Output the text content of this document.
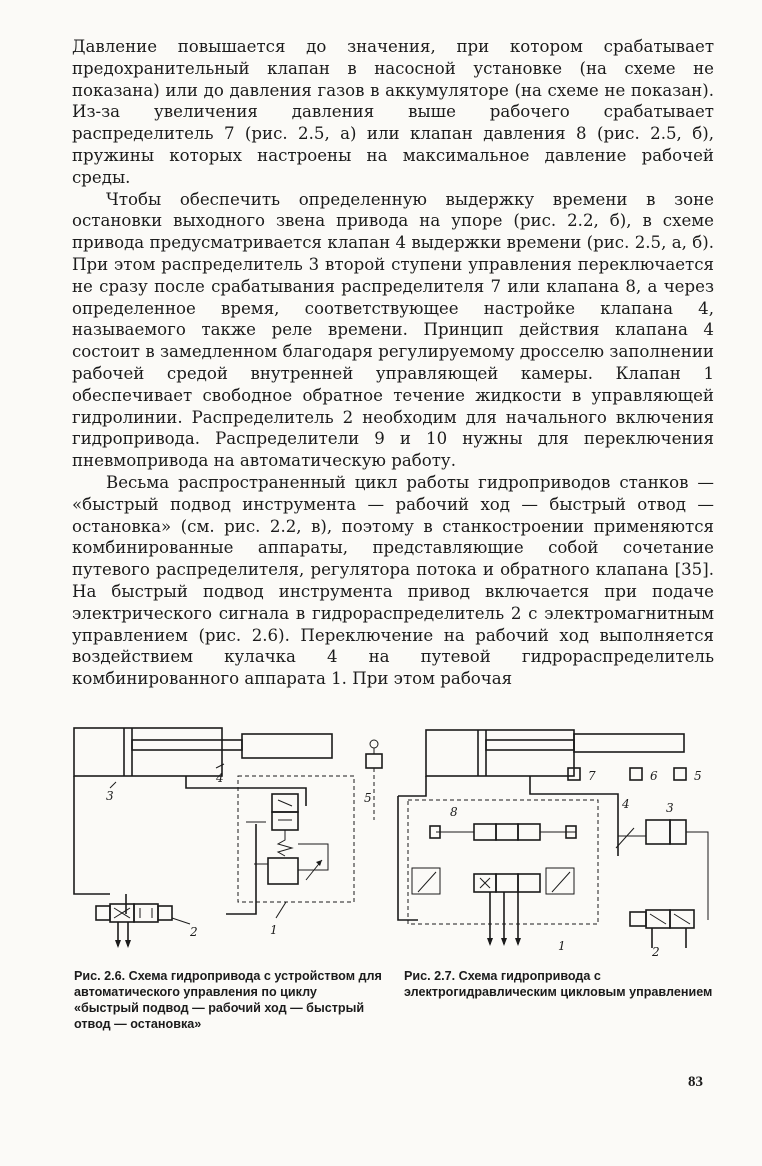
Давление повышается до значения, при котором срабатывает предохранительный клапан в насосной установке (на схеме не показана) или до давления газов в аккумуляторе (на схеме не показан). Из-за увеличения давления выше рабочего срабатывает распределитель 7 (рис. 2.5, а) или клапан давления 8 (рис. 2.5, б), пружины которых настроены на максимальное давление рабочей среды.

Чтобы обеспечить определенную выдержку времени в зоне остановки выходного звена привода на упоре (рис. 2.2, б), в схеме привода предусматривается клапан 4 выдержки времени (рис. 2.5, а, б). При этом распределитель 3 второй ступени управления переключается не сразу после срабатывания распределителя 7 или клапана 8, а через определенное время, соответствующее настройке клапана 4, называемого также реле времени. Принцип действия клапана 4 состоит в замедленном благодаря регулируемому дросселю заполнении рабочей средой внутренней управляющей камеры. Клапан 1 обеспечивает свободное обратное течение жидкости в управляющей гидролинии. Распределитель 2 необходим для начального включения гидропривода. Распределители 9 и 10 нужны для переключения пневмопривода на автоматическую работу.

Весьма распространенный цикл работы гидроприводов станков — «быстрый подвод инструмента — рабочий ход — быстрый отвод — остановка» (см. рис. 2.2, в), поэтому в станкостроении применяются комбинированные аппараты, представляющие собой сочетание путевого распределителя, регулятора потока и обратного клапана [35]. На быстрый подвод инструмента привод включается при подаче электрического сигнала в гидрораспределитель 2 с электромагнитным управлением (рис. 2.6). Переключение на рабочий ход выполняется воздействием кулачка 4 на путевой гидрораспределитель комбинированного аппарата 1. При этом рабочая

3
4
5
2	1
7	6	5
8
4	3
2
1
Рис. 2.6. Схема гидропривода с устройством для автоматического управления по циклу «быстрый подвод — рабочий ход — быстрый отвод — остановка»
Рис. 2.7. Схема гидропривода с электрогидравлическим цикловым управлением
83
